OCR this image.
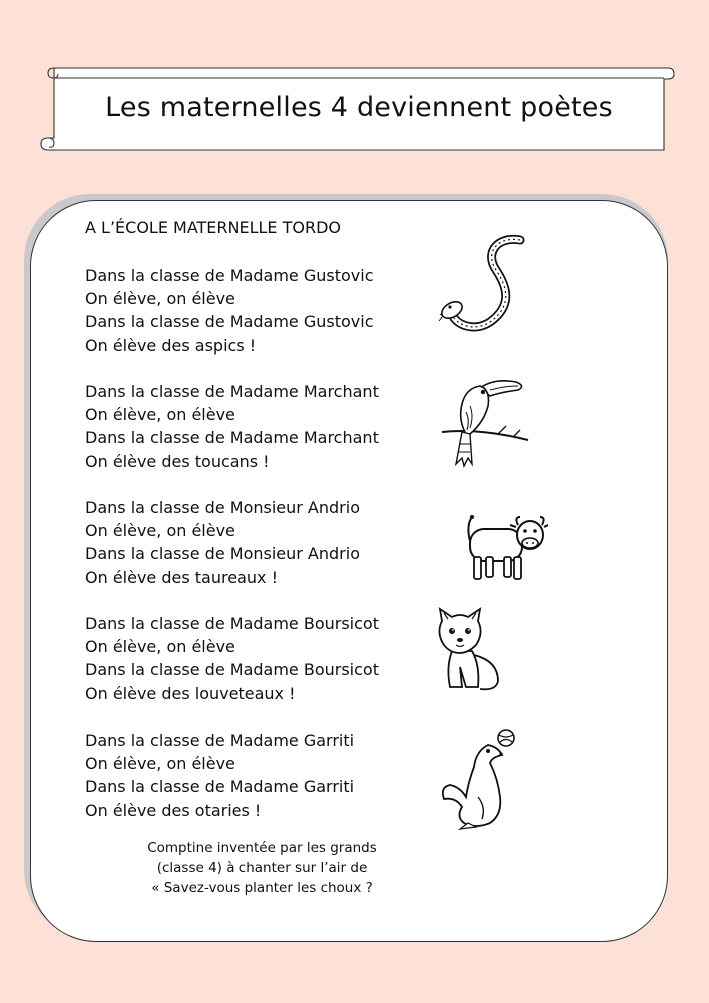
Les maternelles 4 deviennent poètes
A L’ÉCOLE MATERNELLE TORDO
Dans la classe de Madame Gustovic
On élève, on élève
Dans la classe de Madame Gustovic
On élève des aspics !
Dans la classe de Madame Marchant
On élève, on élève
Dans la classe de Madame Marchant
On élève des toucans !
Dans la classe de Monsieur Andrio
On élève, on élève
Dans la classe de Monsieur Andrio
On élève des taureaux !
Dans la classe de Madame Boursicot
On élève, on élève
Dans la classe de Madame Boursicot
On élève des louveteaux !
Dans la classe de Madame Garriti
On élève, on élève
Dans la classe de Madame Garriti
On élève des otaries !
Comptine inventée par les grands
(classe 4) à chanter sur l’air de
« Savez-vous planter les choux ?
